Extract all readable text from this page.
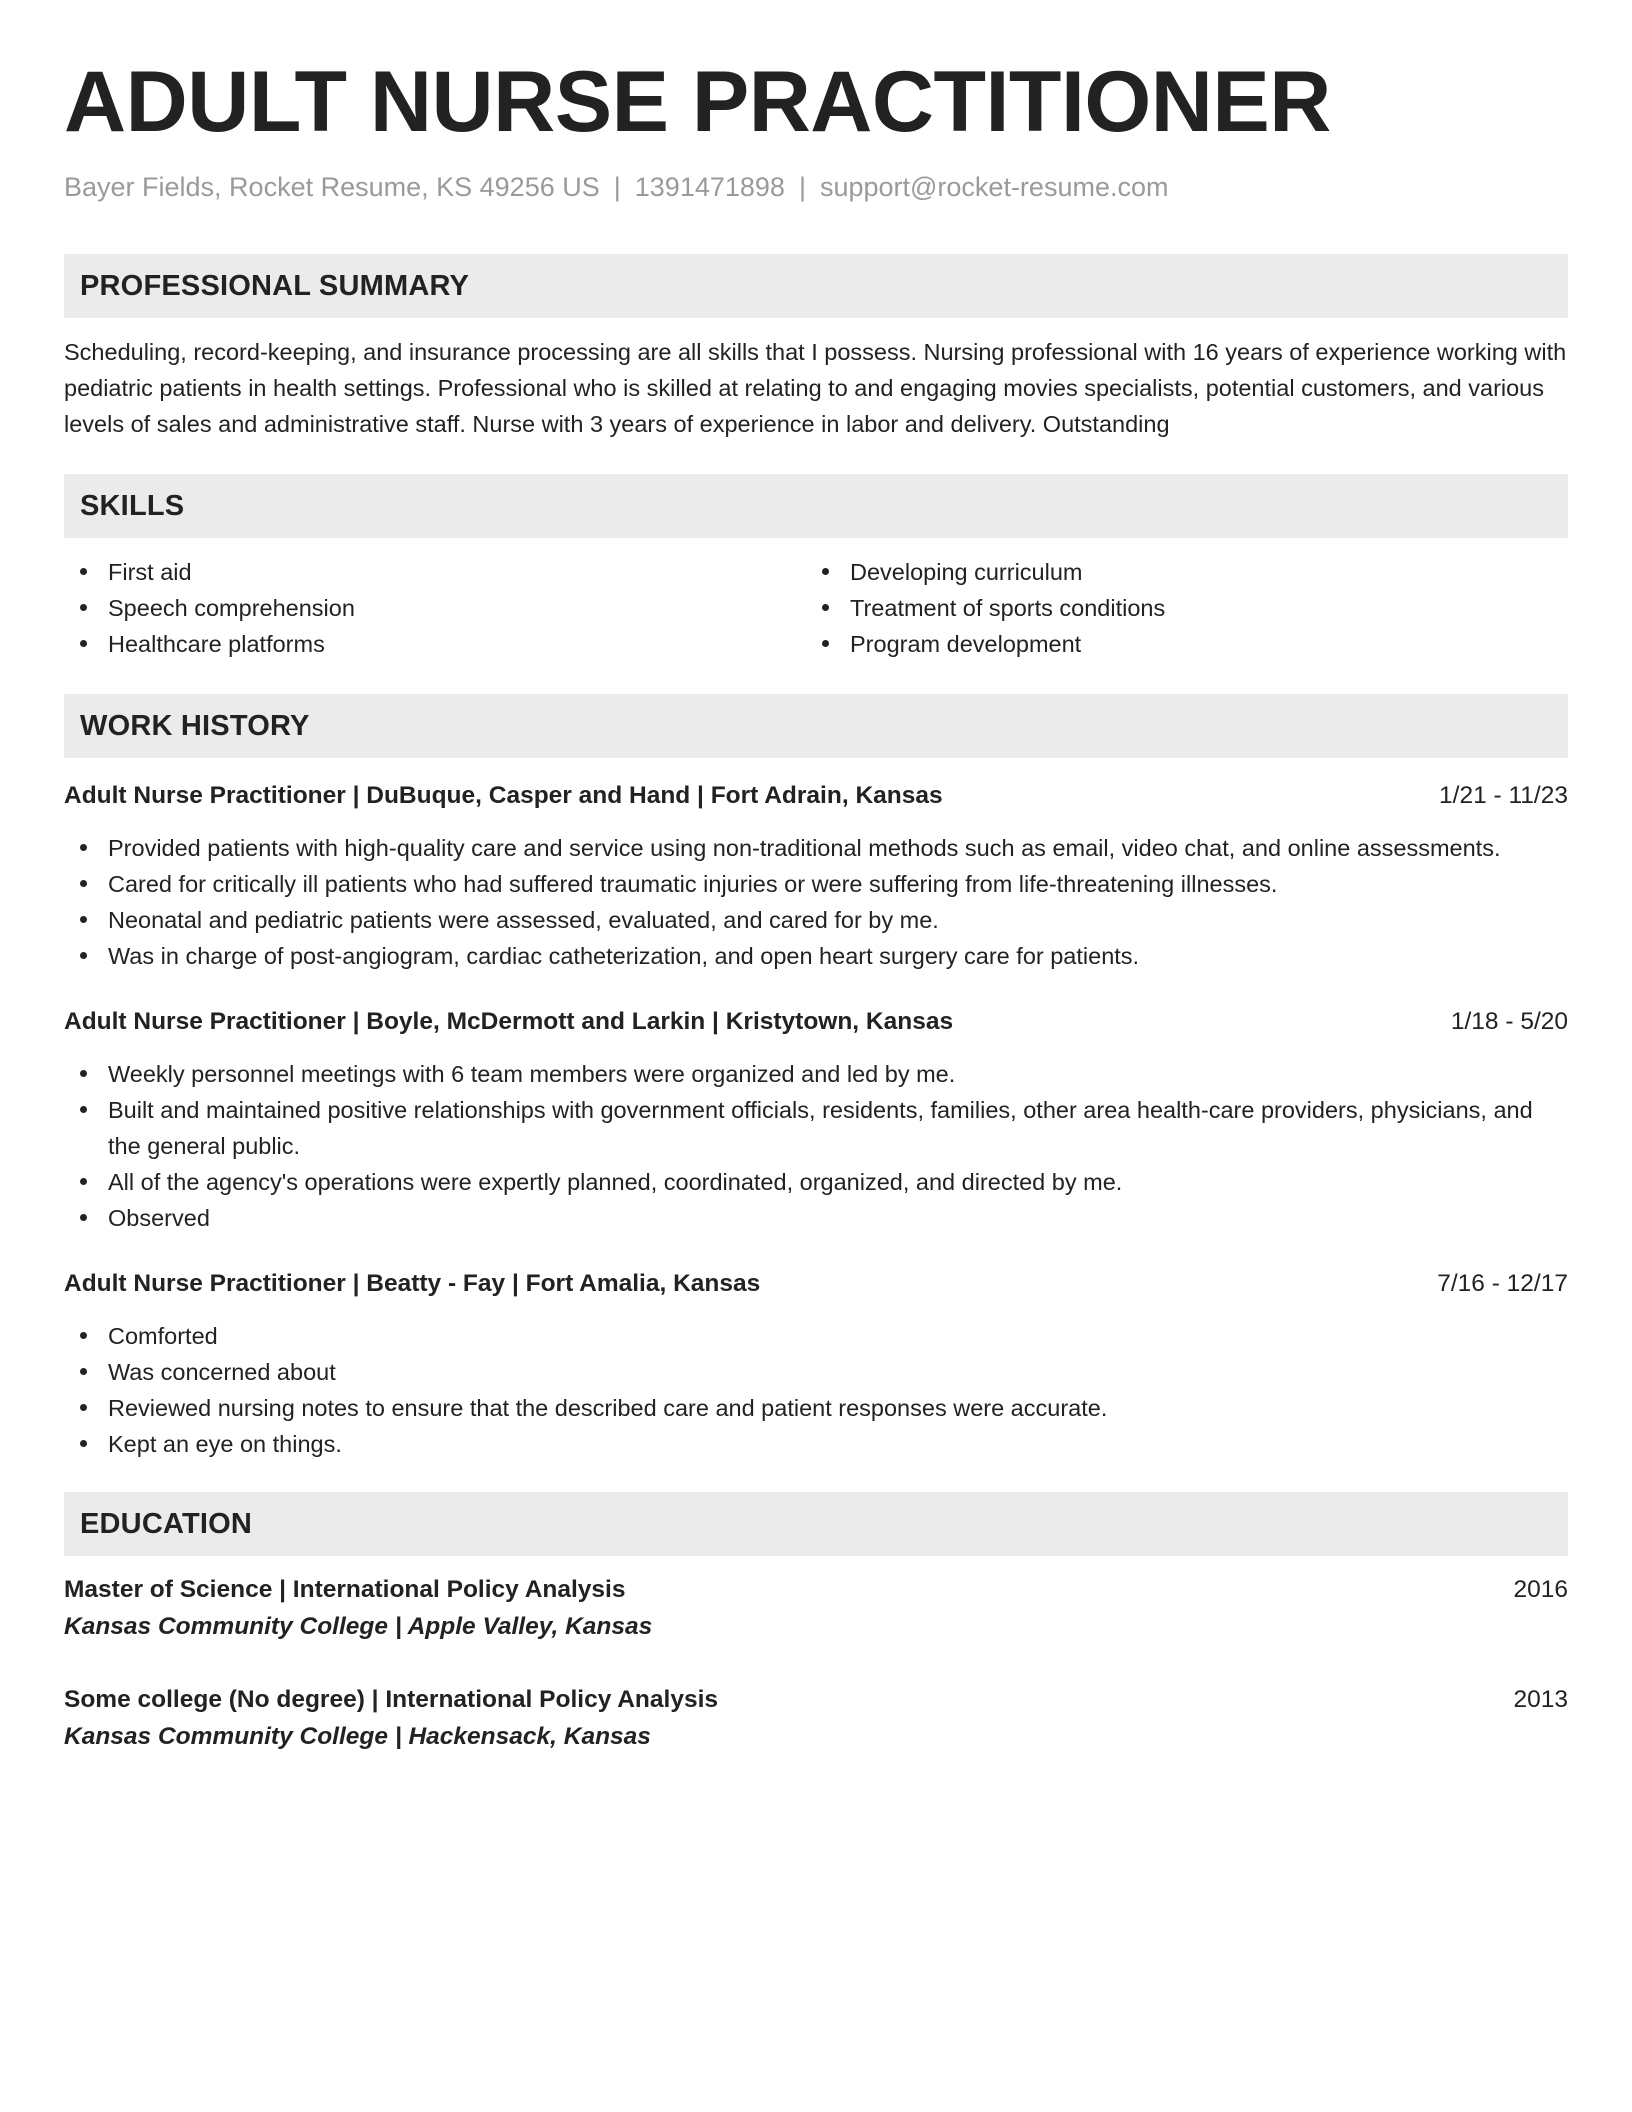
ADULT NURSE PRACTITIONER
Bayer Fields, Rocket Resume, KS 49256 US | 1391471898 | support@rocket-resume.com
PROFESSIONAL SUMMARY

Scheduling, record-keeping, and insurance processing are all skills that I possess. Nursing professional with 16 years of experience working with pediatric patients in health settings. Professional who is skilled at relating to and engaging movies specialists, potential customers, and various levels of sales and administrative staff. Nurse with 3 years of experience in labor and delivery. Outstanding

SKILLS
First aid
Speech comprehension
Healthcare platforms
Developing curriculum
Treatment of sports conditions
Program development
WORK HISTORY
Adult Nurse Practitioner | DuBuque, Casper and Hand | Fort Adrain, Kansas	1/21 - 11/23
Provided patients with high-quality care and service using non-traditional methods such as email, video chat, and online assessments.
Cared for critically ill patients who had suffered traumatic injuries or were suffering from life-threatening illnesses.
Neonatal and pediatric patients were assessed, evaluated, and cared for by me.
Was in charge of post-angiogram, cardiac catheterization, and open heart surgery care for patients.
Adult Nurse Practitioner | Boyle, McDermott and Larkin | Kristytown, Kansas	1/18 - 5/20
Weekly personnel meetings with 6 team members were organized and led by me.
Built and maintained positive relationships with government officials, residents, families, other area health-care providers, physicians, and the general public.
All of the agency's operations were expertly planned, coordinated, organized, and directed by me.
Observed
Adult Nurse Practitioner | Beatty - Fay | Fort Amalia, Kansas	7/16 - 12/17
Comforted
Was concerned about
Reviewed nursing notes to ensure that the described care and patient responses were accurate.
Kept an eye on things.
EDUCATION
Master of Science | International Policy Analysis	2016
Kansas Community College | Apple Valley, Kansas
Some college (No degree) | International Policy Analysis	2013
Kansas Community College | Hackensack, Kansas
